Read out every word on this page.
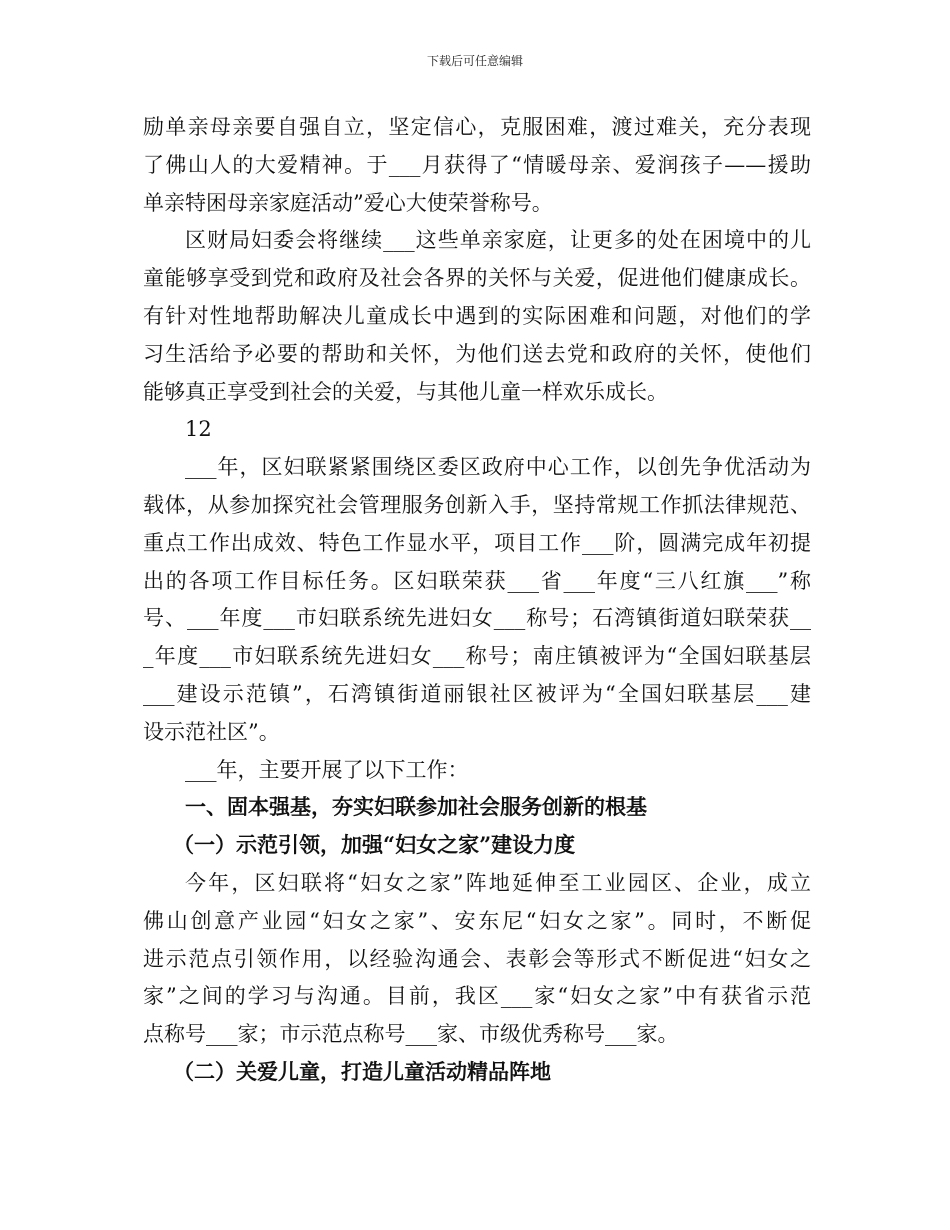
下载后可任意编辑
励单亲母亲要自强自立，坚定信心，克服困难，渡过难关，充分表现
了佛山人的大爱精神。于___月获得了“情暖母亲、爱润孩子——援助
单亲特困母亲家庭活动”爱心大使荣誉称号。
区财局妇委会将继续___这些单亲家庭，让更多的处在困境中的儿
童能够享受到党和政府及社会各界的关怀与关爱，促进他们健康成长。
有针对性地帮助解决儿童成长中遇到的实际困难和问题，对他们的学
习生活给予必要的帮助和关怀，为他们送去党和政府的关怀，使他们
能够真正享受到社会的关爱，与其他儿童一样欢乐成长。
12
___年，区妇联紧紧围绕区委区政府中心工作，以创先争优活动为
载体，从参加探究社会管理服务创新入手，坚持常规工作抓法律规范、
重点工作出成效、特色工作显水平，项目工作___阶，圆满完成年初提
出的各项工作目标任务。区妇联荣获___省___年度“三八红旗___”称
号、___年度___市妇联系统先进妇女___称号；石湾镇街道妇联荣获__
_年度___市妇联系统先进妇女___称号；南庄镇被评为“全国妇联基层
___建设示范镇”，石湾镇街道丽银社区被评为“全国妇联基层___建
设示范社区”。
___年，主要开展了以下工作：
一、固本强基，夯实妇联参加社会服务创新的根基
（一）示范引领，加强“妇女之家”建设力度
今年，区妇联将“妇女之家”阵地延伸至工业园区、企业，成立
佛山创意产业园“妇女之家”、安东尼“妇女之家”。同时，不断促
进示范点引领作用，以经验沟通会、表彰会等形式不断促进“妇女之
家”之间的学习与沟通。目前，我区___家“妇女之家”中有获省示范
点称号___家；市示范点称号___家、市级优秀称号___家。
（二）关爱儿童，打造儿童活动精品阵地
